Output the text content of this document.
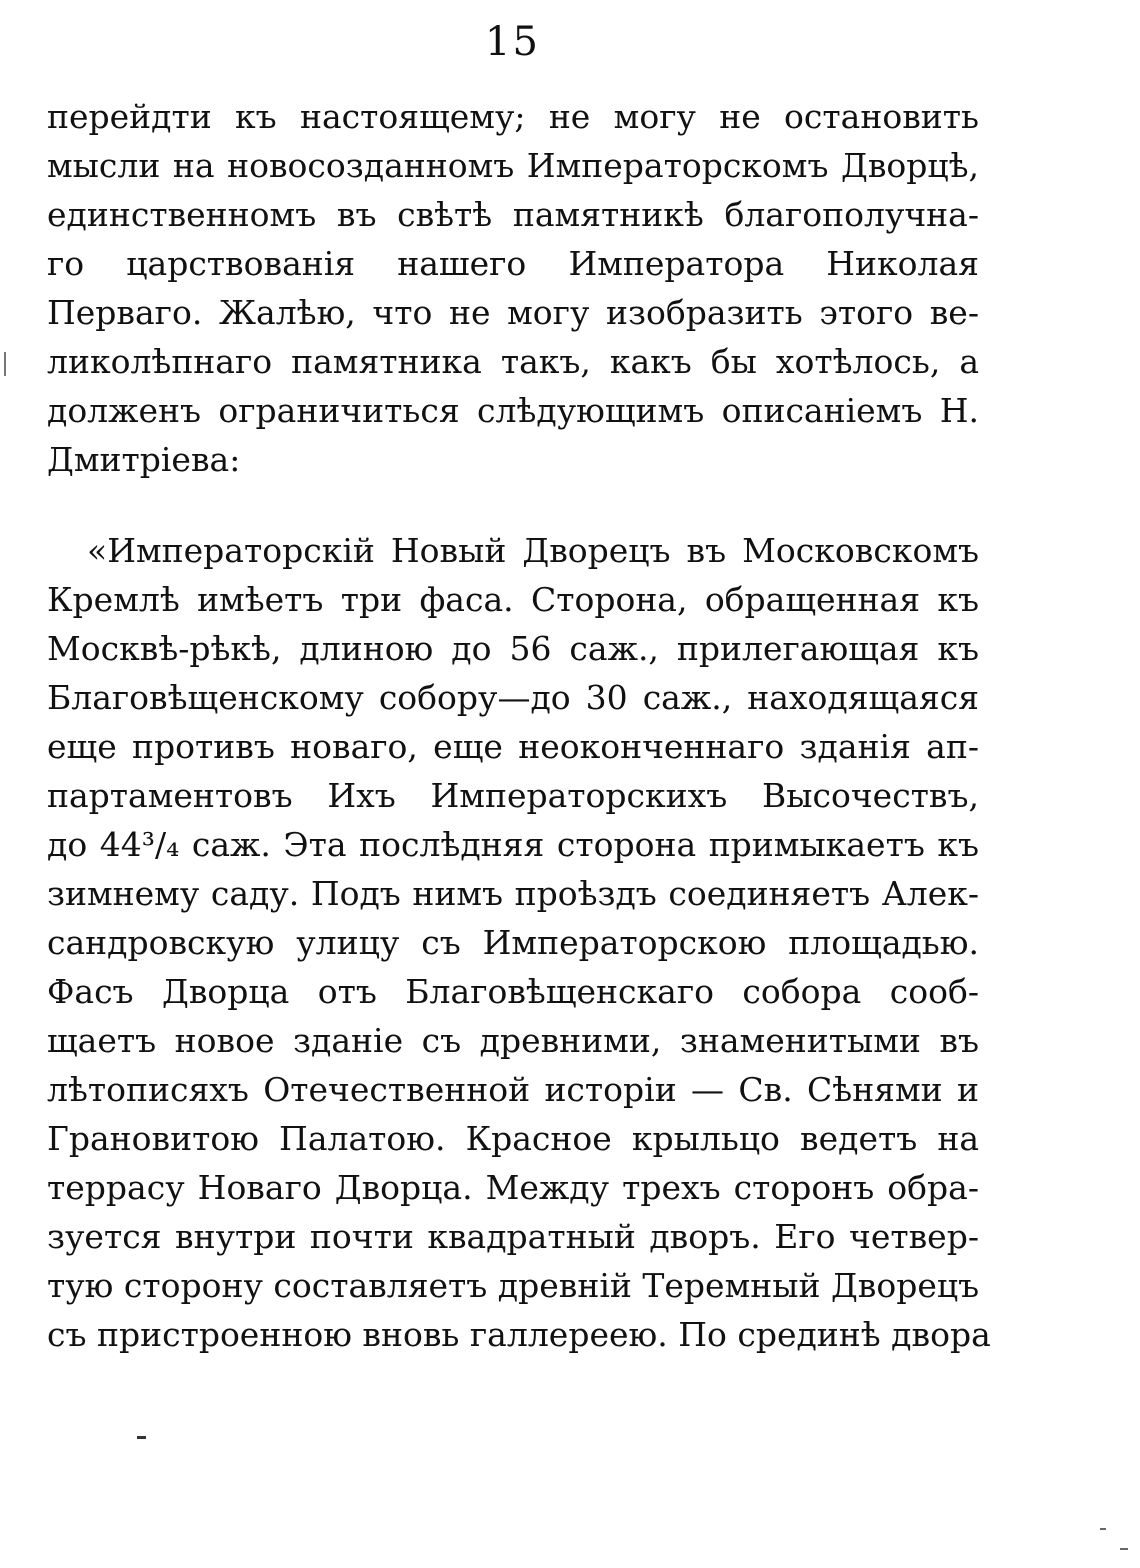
15
перейдти къ настоящему; не могу не остановить
мысли на новосозданномъ Императорскомъ Дворцѣ,
единственномъ въ свѣтѣ памятникѣ благополучна-
го царствованія нашего Императора Николая
Перваго. Жалѣю, что не могу изобразить этого ве-
ликолѣпнаго памятника такъ, какъ бы хотѣлось, а
долженъ ограничиться слѣдующимъ описаніемъ Н.
Дмитріева:
«Императорскій Новый Дворецъ въ Московскомъ
Кремлѣ имѣетъ три фаса. Сторона, обращенная къ
Москвѣ-рѣкѣ, длиною до 56 саж., прилегающая къ
Благовѣщенскому собору—до 30 саж., находящаяся
еще противъ новаго, еще неоконченнаго зданія ап-
партаментовъ Ихъ Императорскихъ Высочествъ,
до 44³/₄ саж. Эта послѣдняя сторона примыкаетъ къ
зимнему саду. Подъ нимъ проѣздъ соединяетъ Алек-
сандровскую улицу съ Императорскою площадью.
Фасъ Дворца отъ Благовѣщенскаго собора сооб-
щаетъ новое зданіе съ древними, знаменитыми въ
лѣтописяхъ Отечественной исторіи — Св. Сѣнями и
Грановитою Палатою. Красное крыльцо ведетъ на
террасу Новаго Дворца. Между трехъ сторонъ обра-
зуется внутри почти квадратный дворъ. Его четвер-
тую сторону составляетъ древній Теремный Дворецъ
съ пристроенною вновь галлереею. По срединѣ двора
